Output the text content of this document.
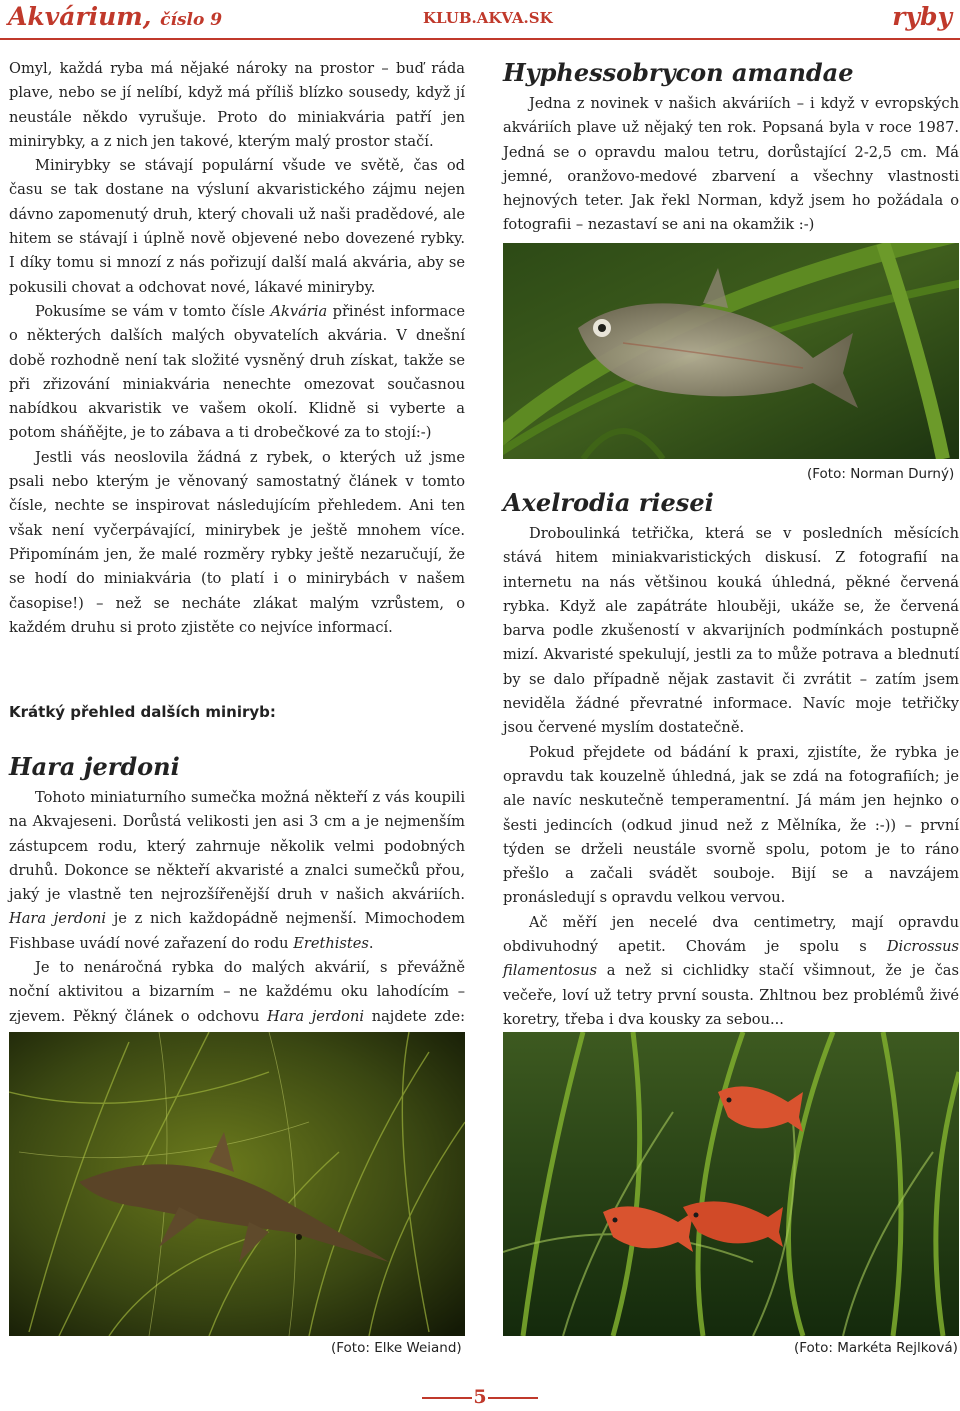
Akvárium, číslo 9	KLUB.AKVA.SK	ryby

Omyl, každá ryba má nějaké nároky na prostor – buď ráda plave, nebo se jí nelíbí, když má příliš blízko sousedy, když jí neustále někdo vyrušuje. Proto do miniakvária patří jen minirybky, a z nich jen takové, kterým malý prostor stačí.

Minirybky se stávají populární všude ve světě, čas od času se tak dostane na výsluní akvaristického zájmu nejen dávno zapomenutý druh, který chovali už naši pradědové, ale hitem se stávají i úplně nově objevené nebo dovezené rybky. I díky tomu si mnozí z nás pořizují další malá akvária, aby se pokusili chovat a odchovat nové, lákavé miniryby.

Pokusíme se vám v tomto čísle Akvária přinést informace o některých dalších malých obyvatelích akvária. V dnešní době rozhodně není tak složité vysněný druh získat, takže se při zřizování miniakvária nenechte omezovat současnou nabídkou akvaristik ve vašem okolí. Klidně si vyberte a potom sháňějte, je to zábava a ti drobečkové za to stojí:-)

Jestli vás neoslovila žádná z rybek, o kterých už jsme psali nebo kterým je věnovaný samostatný článek v tomto čísle, nechte se inspirovat následujícím přehledem. Ani ten však není vyčerpávající, minirybek je ještě mnohem více. Připomínám jen, že malé rozměry rybky ještě nezaručují, že se hodí do miniakvária (to platí i o minirybách v našem časopise!) – než se necháte zlákat malým vzrůstem, o každém druhu si proto zjistěte co nejvíce informací.

Krátký přehled dalších miniryb:
Hara jerdoni

Tohoto miniaturního sumečka možná někteří z vás koupili na Akvajeseni. Dorůstá velikosti jen asi 3 cm a je nejmenším zástupcem rodu, který zahrnuje několik velmi podobných druhů. Dokonce se někteří akvaristé a znalci sumečků přou, jaký je vlastně ten nejrozšířenější druh v našich akváriích. Hara jerdoni je z nich každopádně nejmenší. Mimochodem Fishbase uvádí nové zařazení do rodu Erethistes.

Je to nenáročná rybka do malých akvárií, s převážně noční aktivitou a bizarním – ne každému oku lahodícím – zjevem. Pěkný článek o odchovu Hara jerdoni najdete zde:

(Foto: Elke Weiand)
Hyphessobrycon amandae

Jedna z novinek v našich akváriích – i když v evropských akváriích plave už nějaký ten rok. Popsaná byla v roce 1987. Jedná se o opravdu malou tetru, dorůstající 2-2,5 cm. Má jemné, oranžovo-medové zbarvení a všechny vlastnosti hejnových teter. Jak řekl Norman, když jsem ho požádala o fotografii – nezastaví se ani na okamžik :-)

(Foto: Norman Durný)
Axelrodia riesei

Droboulinká tetřička, která se v posledních měsících stává hitem miniakvaristických diskusí. Z fotografií na internetu na nás většinou kouká úhledná, pěkné červená rybka. Když ale zapátráte hlouběji, ukáže se, že červená barva podle zkušeností v akvarijních podmínkách postupně mizí. Akvaristé spekulují, jestli za to může potrava a blednutí by se dalo případně nějak zastavit či zvrátit – zatím jsem neviděla žádné převratné informace. Navíc moje tetřičky jsou červené myslím dostatečně.

Pokud přejdete od bádání k praxi, zjistíte, že rybka je opravdu tak kouzelně úhledná, jak se zdá na fotografiích; je ale navíc neskutečně temperamentní. Já mám jen hejnko o šesti jedincích (odkud jinud než z Mělníka, že :-)) – první týden se drželi neustále svorně spolu, potom je to ráno přešlo a začali svádět souboje. Bijí se a navzájem pronásledují s opravdu velkou vervou.

Ač měří jen necelé dva centimetry, mají opravdu obdivuhodný apetit. Chovám je spolu s Dicrossus filamentosus a než si cichlidky stačí všimnout, že je čas večeře, loví už tetry první sousta. Zhltnou bez problémů živé koretry, třeba i dva kousky za sebou...

(Foto: Markéta Rejlková)
5
